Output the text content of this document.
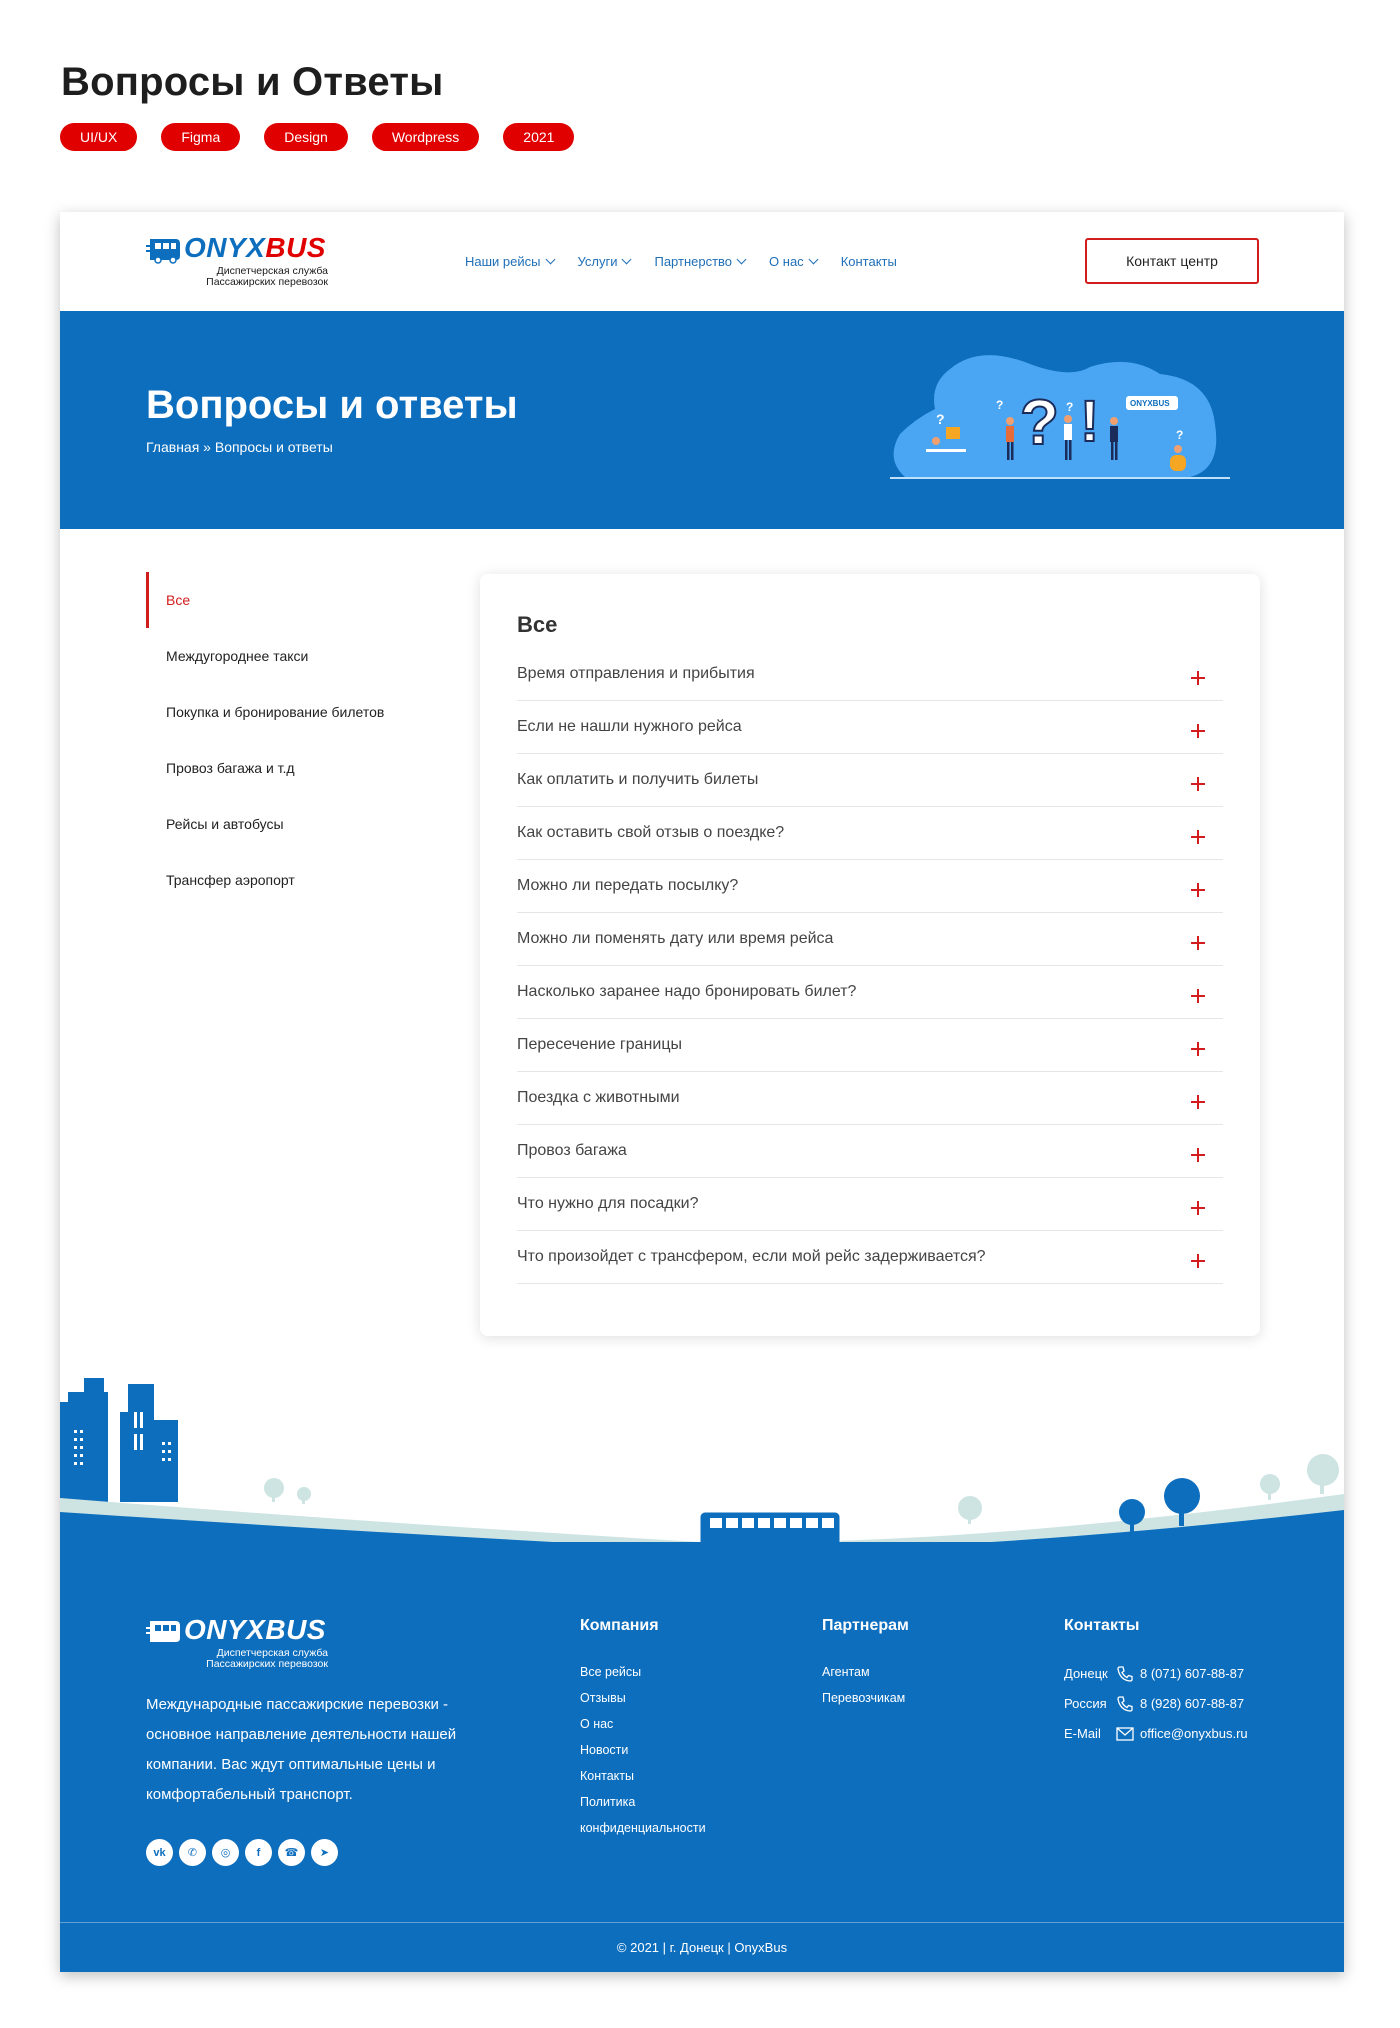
Вопросы и Ответы
UI/UX	Figma	Design	Wordpress	2021
ONYXBUS
Диспетчерская служба
Пассажирских перевозок
Наши рейсы	Услуги	Партнерство	О нас	Контакты	Контакт центр
Вопросы и ответы
Главная » Вопросы и ответы	? !
?
?	?
?
ONYXBUS
Все
Междугороднее такси
Покупка и бронирование билетов
Провоз багажа и т.д
Рейсы и автобусы
Трансфер аэропорт
Все
Время отправления и прибытия
Если не нашли нужного рейса
Как оплатить и получить билеты
Как оставить свой отзыв о поездке?
Можно ли передать посылку?
Можно ли поменять дату или время рейса
Насколько заранее надо бронировать билет?
Пересечение границы
Поездка с животными
Провоз багажа
Что нужно для посадки?
Что произойдет с трансфером, если мой рейс задерживается?
ONYXBUS
Диспетчерская служба
Пассажирских перевозок

Международные пассажирские перевозки - основное направление деятельности нашей компании. Вас ждут оптимальные цены и комфортабельный транспорт.

vk	✆	◎	f	☎	➤
Компания
Все рейсы
Отзывы
О нас
Новости
Контакты
Политика
конфиденциальности
Партнерам
Агентам
Перевозчикам
Контакты
Донецк	8 (071) 607-88-87
Россия	8 (928) 607-88-87
E-Mail	office@onyxbus.ru
© 2021 | г. Донецк | OnyxBus
